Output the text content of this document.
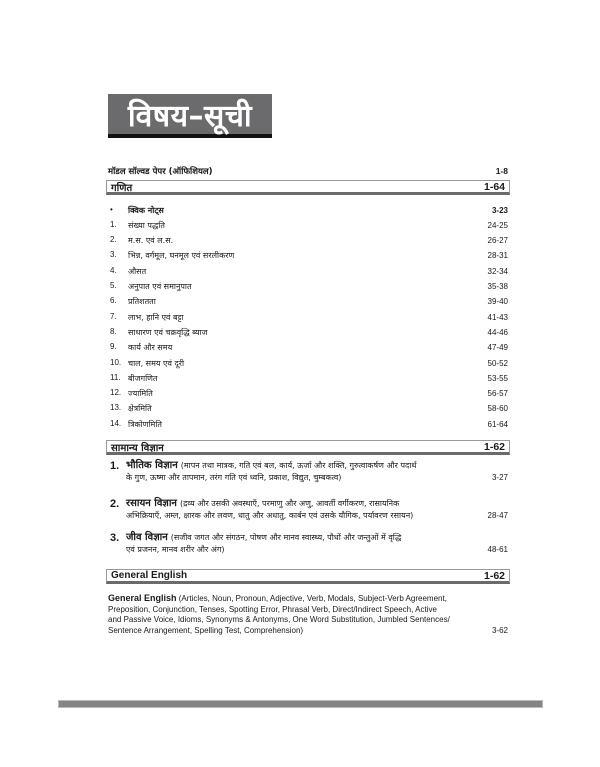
विषय–सूची
मॉडल सॉल्वड पेपर (ऑफिशियल)	1-8
गणित	1-64
•	क्विक नोट्स	3-23
1.	संख्या पद्धति	24-25
2.	म.स. एवं ल.स.	26-27
3.	भिन्न, वर्गमूल, घनमूल एवं सरलीकरण	28-31
4.	औसत	32-34
5.	अनुपात एवं समानुपात	35-38
6.	प्रतिशतता	39-40
7.	लाभ, हानि एवं बट्टा	41-43
8.	साधारण एवं चक्रवृद्धि ब्याज	44-46
9.	कार्य और समय	47-49
10. चाल, समय एवं दूरी	50-52
11. बीजगणित	53-55
12. ज्यामिति	56-57
13. क्षेत्रमिति	58-60
14. त्रिकोणमिति	61-64
सामान्य विज्ञान	1-62
1. भौतिक विज्ञान (मापन तथा मात्रक, गति एवं बल, कार्य, ऊर्जा और शक्ति, गुरुत्वाकर्षण और पदार्थ
के गुण, ऊष्मा और तापमान, तरंग गति एवं ध्वनि, प्रकाश, विद्युत, चुम्बकत्व)	3-27
2. रसायन विज्ञान (द्रव्य और उसकी अवस्थाएँ, परमाणु और अणु, आवर्ती वर्गीकरण, रासायनिक
अभिक्रियाएँ, अम्ल, क्षारक और लवण, धातु और अधातु, कार्बन एवं उसके यौगिक, पर्यावरण रसायन)	28-47
3. जीव विज्ञान (सजीव जगत और संगठन, पोषण और मानव स्वास्थ्य, पौधों और जन्तुओं में वृद्धि
एवं प्रजनन, मानव शरीर और अंग)	48-61
General English	1-62
General English (Articles, Noun, Pronoun, Adjective, Verb, Modals, Subject-Verb Agreement,
Preposition, Conjunction, Tenses, Spotting Error, Phrasal Verb, Direct/Indirect Speech, Active
and Passive Voice, Idioms, Synonyms & Antonyms, One Word Substitution, Jumbled Sentences/
Sentence Arrangement, Spelling Test, Comprehension)	3-62
